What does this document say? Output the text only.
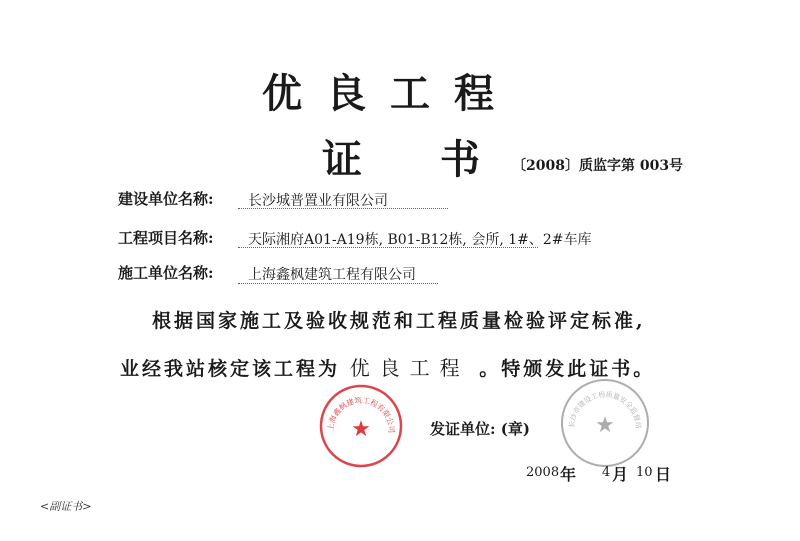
优良工程
证书
〔2008〕质监字第 003号
建设单位名称: 长沙城普置业有限公司
工程项目名称: 天际湘府A01-A19栋, B01-B12栋, 会所, 1#、2#车库
施工单位名称: 上海鑫枫建筑工程有限公司
根据国家施工及验收规范和工程质量检验评定标准,
业经我站核定该工程为 优良工程 。特颁发此证书。
上海鑫枫建筑工程有限公司
★	长沙市建设工程质量安全监督站
★
发证单位: (章)
2008 年 4 月 10 日
<副证书>
